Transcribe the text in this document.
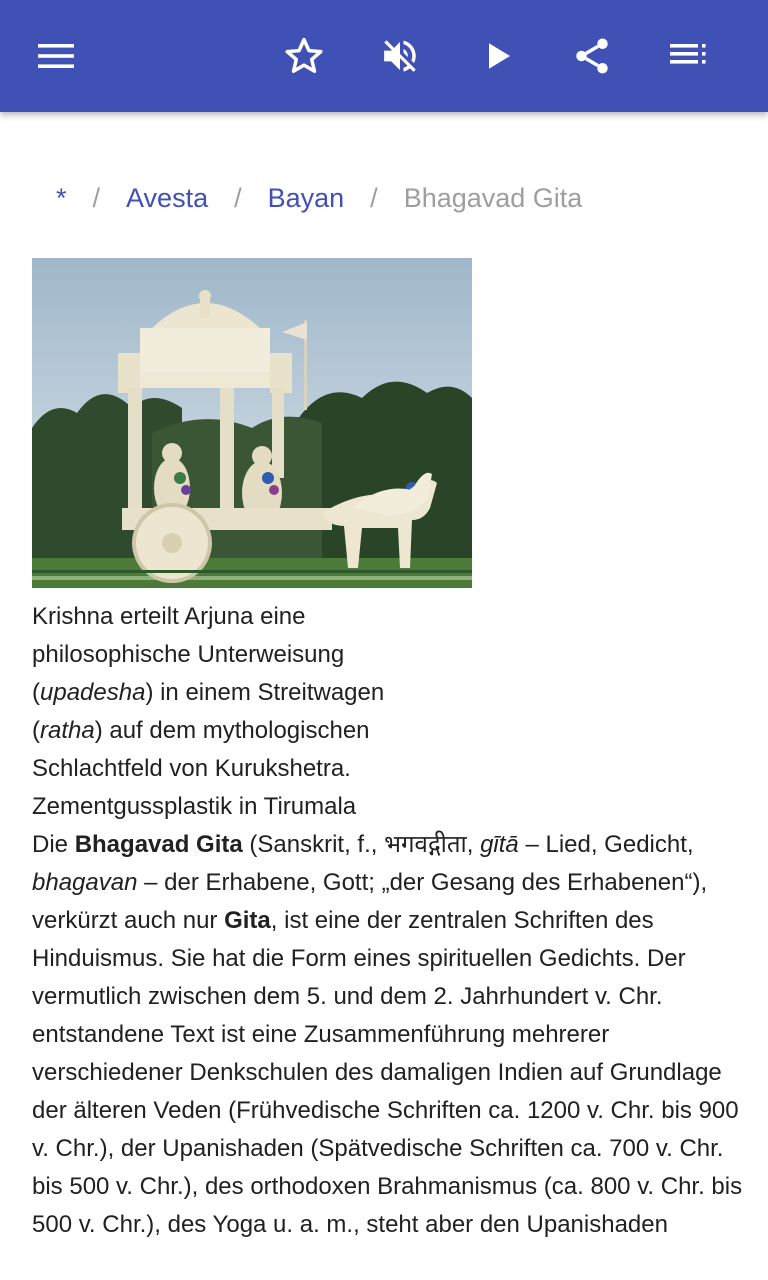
* / Avesta / Bayan / Bhagavad Gita
Krishna erteilt Arjuna eine philosophische Unterweisung (upadesha) in einem Streitwagen (ratha) auf dem mythologischen Schlachtfeld von Kurukshetra. Zementgussplastik in Tirumala
Die Bhagavad Gita (Sanskrit, f., भगवद्गीता, gītā – Lied, Gedicht, bhagavan – der Erhabene, Gott; „der Gesang des Erhabenen“), verkürzt auch nur Gita, ist eine der zentralen Schriften des Hinduismus. Sie hat die Form eines spirituellen Gedichts. Der vermutlich zwischen dem 5. und dem 2. Jahrhundert v. Chr. entstandene Text ist eine Zusammenführung mehrerer verschiedener Denkschulen des damaligen Indien auf Grundlage der älteren Veden (Frühvedische Schriften ca. 1200 v. Chr. bis 900 v. Chr.), der Upanishaden (Spätvedische Schriften ca. 700 v. Chr. bis 500 v. Chr.), des orthodoxen Brahmanismus (ca. 800 v. Chr. bis 500 v. Chr.), des Yoga u. a. m., steht aber den Upanishaden
